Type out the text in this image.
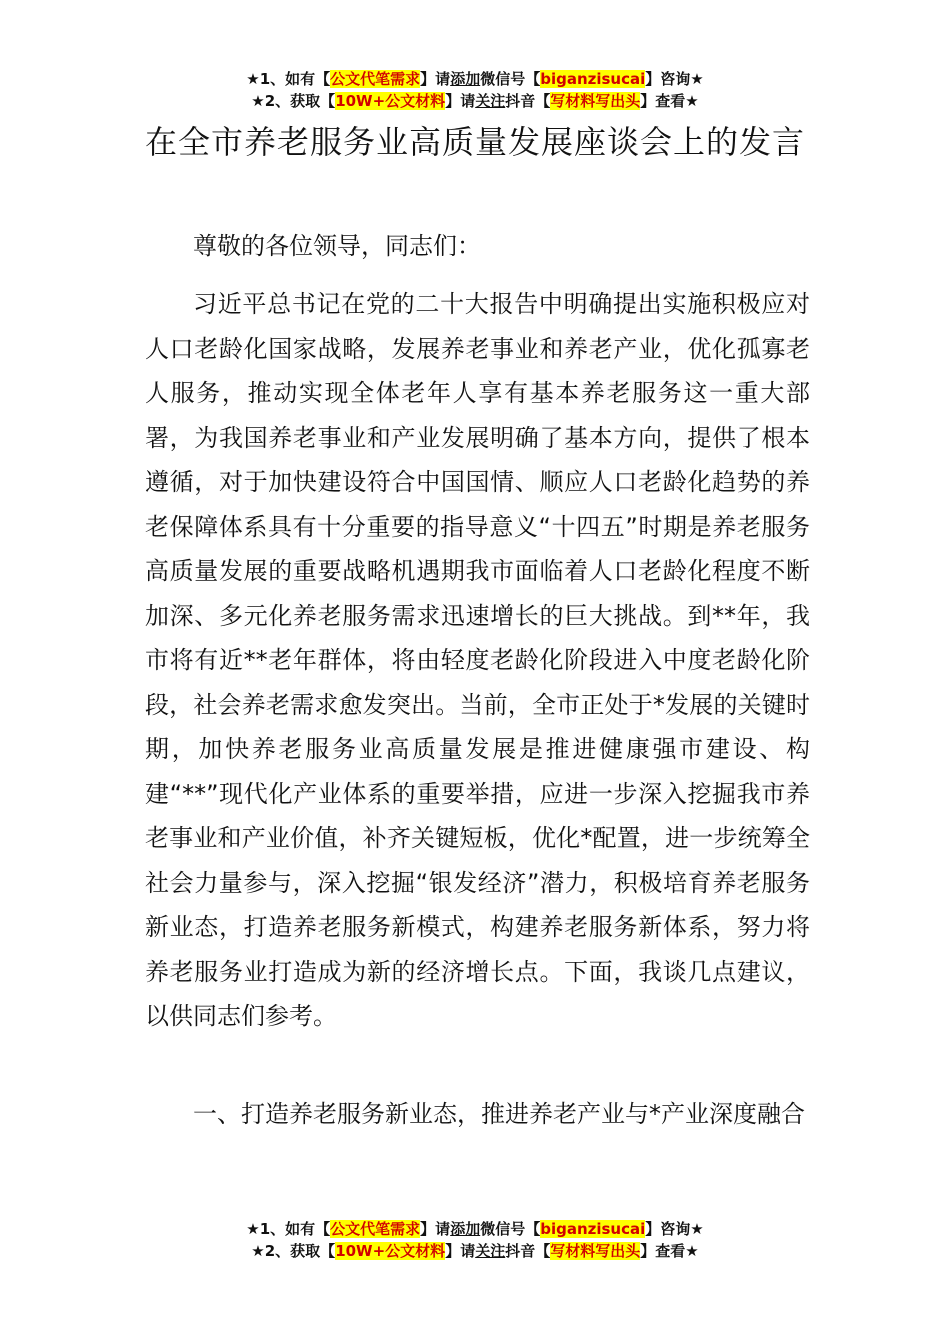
★1、如有【公文代笔需求】请添加微信号【biganzisucai】咨询★
★2、获取【10W+公文材料】请关注抖音【写材料写出头】查看★
在全市养老服务业高质量发展座谈会上的发言

尊敬的各位领导，同志们：

习近平总书记在党的二十大报告中明确提出实施积极应对人口老龄化国家战略，发展养老事业和养老产业，优化孤寡老人服务，推动实现全体老年人享有基本养老服务这一重大部署，为我国养老事业和产业发展明确了基本方向，提供了根本遵循，对于加快建设符合中国国情、顺应人口老龄化趋势的养老保障体系具有十分重要的指导意义“十四五”时期是养老服务高质量发展的重要战略机遇期我市面临着人口老龄化程度不断加深、多元化养老服务需求迅速增长的巨大挑战。到**年，我市将有近**老年群体，将由轻度老龄化阶段进入中度老龄化阶段，社会养老需求愈发突出。当前，全市正处于*发展的关键时期，加快养老服务业高质量发展是推进健康强市建设、构建“**”现代化产业体系的重要举措，应进一步深入挖掘我市养老事业和产业价值，补齐关键短板，优化*配置，进一步统筹全社会力量参与，深入挖掘“银发经济”潜力，积极培育养老服务新业态，打造养老服务新模式，构建养老服务新体系，努力将养老服务业打造成为新的经济增长点。下面，我谈几点建议，以供同志们参考。

一、打造养老服务新业态，推进养老产业与*产业深度融合

★1、如有【公文代笔需求】请添加微信号【biganzisucai】咨询★
★2、获取【10W+公文材料】请关注抖音【写材料写出头】查看★
